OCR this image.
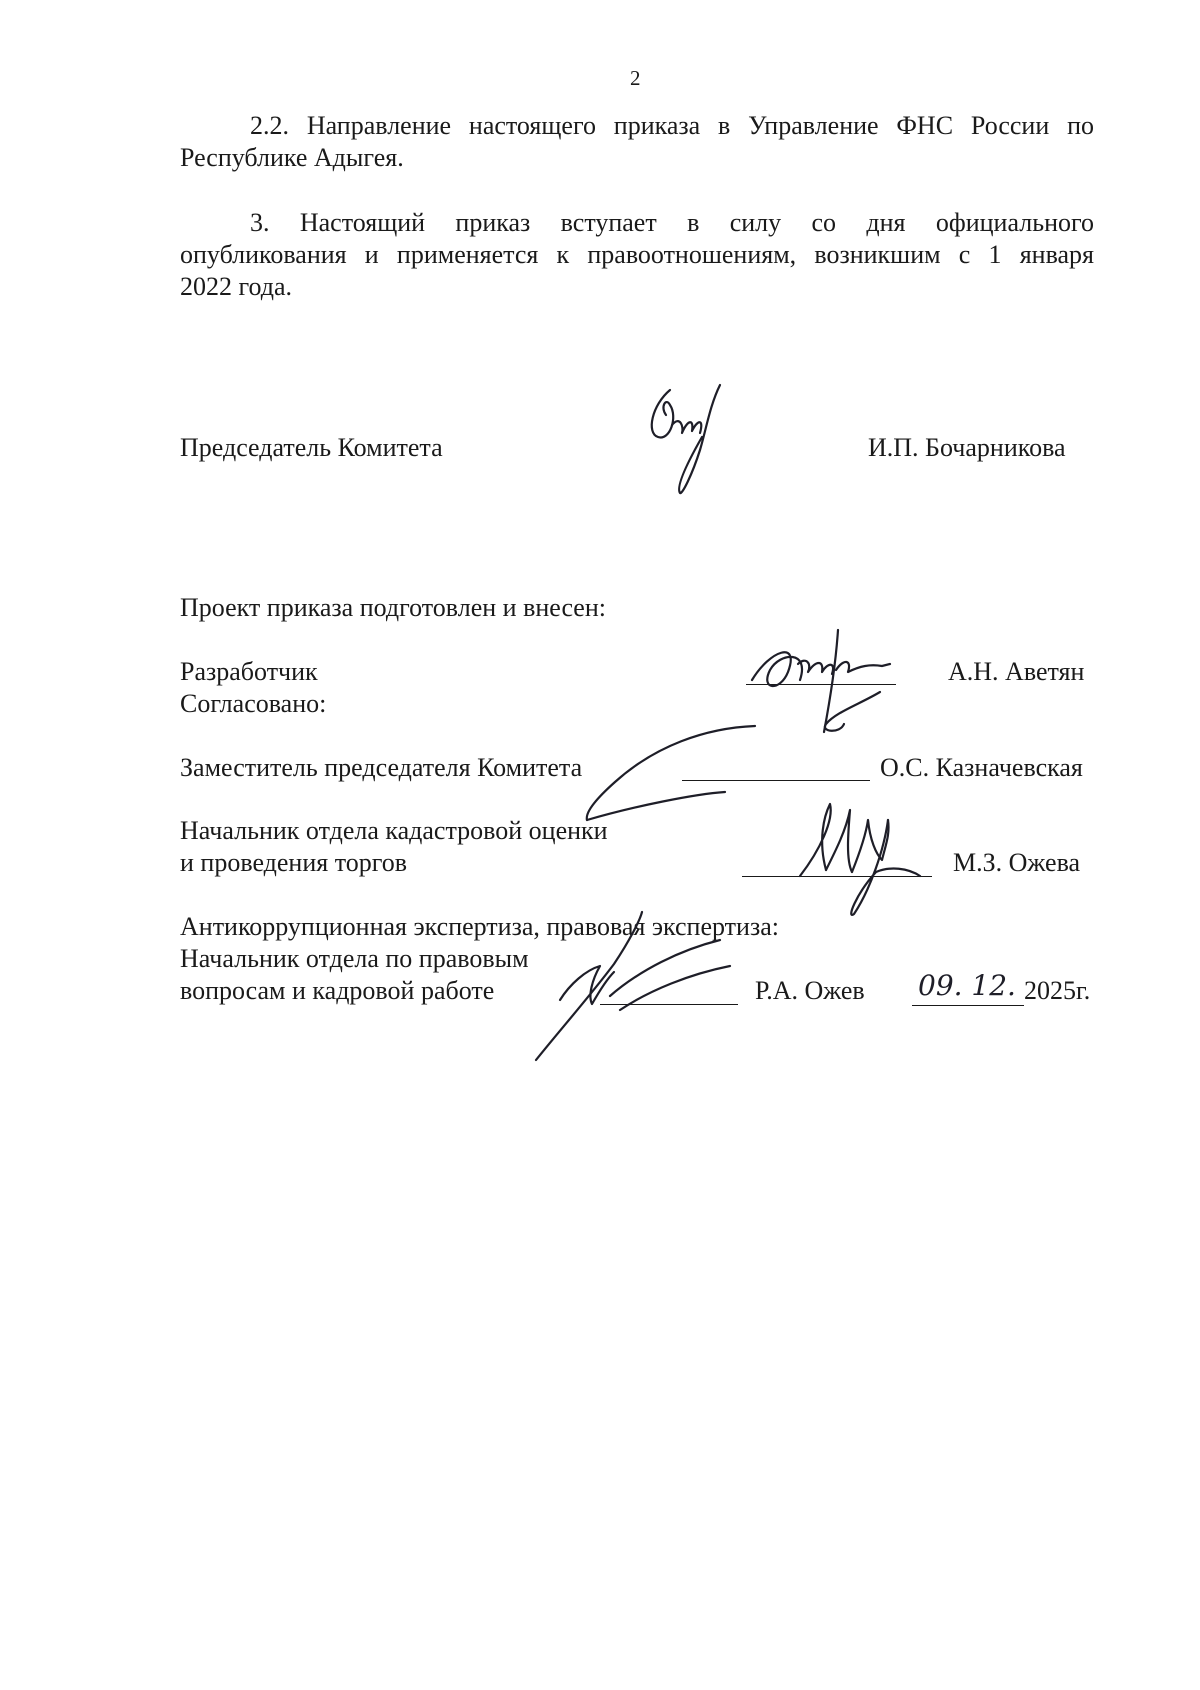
2
2.2. Направление настоящего приказа в Управление ФНС России по
Республике Адыгея.
3. Настоящий приказ вступает в силу со дня официального
опубликования и применяется к правоотношениям, возникшим с 1 января
2022 года.
Председатель Комитета	И.П. Бочарникова
Проект приказа подготовлен и внесен:
Разработчик	А.Н. Аветян
Согласовано:
Заместитель председателя Комитета	О.С. Казначевская
Начальник отдела кадастровой оценки
и проведения торгов	М.З. Ожева
Антикоррупционная экспертиза, правовая экспертиза:
Начальник отдела по правовым
вопросам и кадровой работе	Р.А. Ожев 09. 12. 2025г.
